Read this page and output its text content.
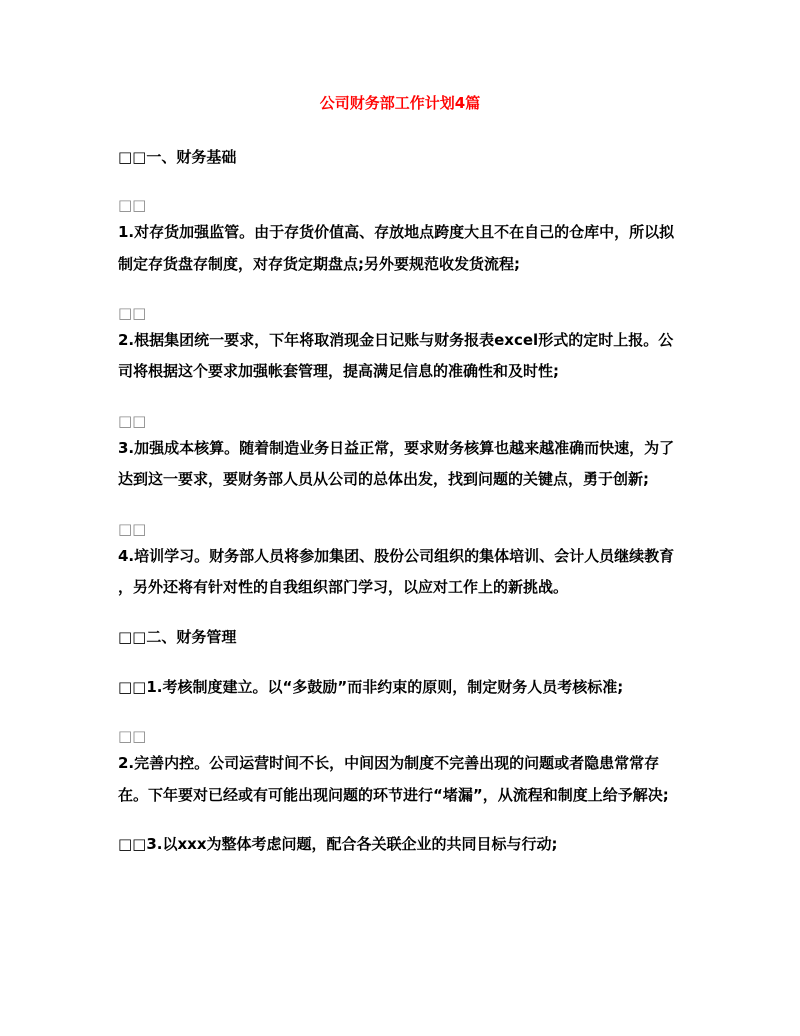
公司财务部工作计划4篇
□□一、财务基础
□□
1.对存货加强监管。由于存货价值高、存放地点跨度大且不在自己的仓库中，所以拟
制定存货盘存制度，对存货定期盘点;另外要规范收发货流程;
□□
2.根据集团统一要求，下年将取消现金日记账与财务报表excel形式的定时上报。公
司将根据这个要求加强帐套管理，提高满足信息的准确性和及时性;
□□
3.加强成本核算。随着制造业务日益正常，要求财务核算也越来越准确而快速，为了
达到这一要求，要财务部人员从公司的总体出发，找到问题的关键点，勇于创新;
□□
4.培训学习。财务部人员将参加集团、股份公司组织的集体培训、会计人员继续教育
，另外还将有针对性的自我组织部门学习，以应对工作上的新挑战。
□□二、财务管理
□□1.考核制度建立。以“多鼓励”而非约束的原则，制定财务人员考核标准;
□□
2.完善内控。公司运营时间不长，中间因为制度不完善出现的问题或者隐患常常存
在。下年要对已经或有可能出现问题的环节进行“堵漏”，从流程和制度上给予解决;
□□3.以xxx为整体考虑问题，配合各关联企业的共同目标与行动;
